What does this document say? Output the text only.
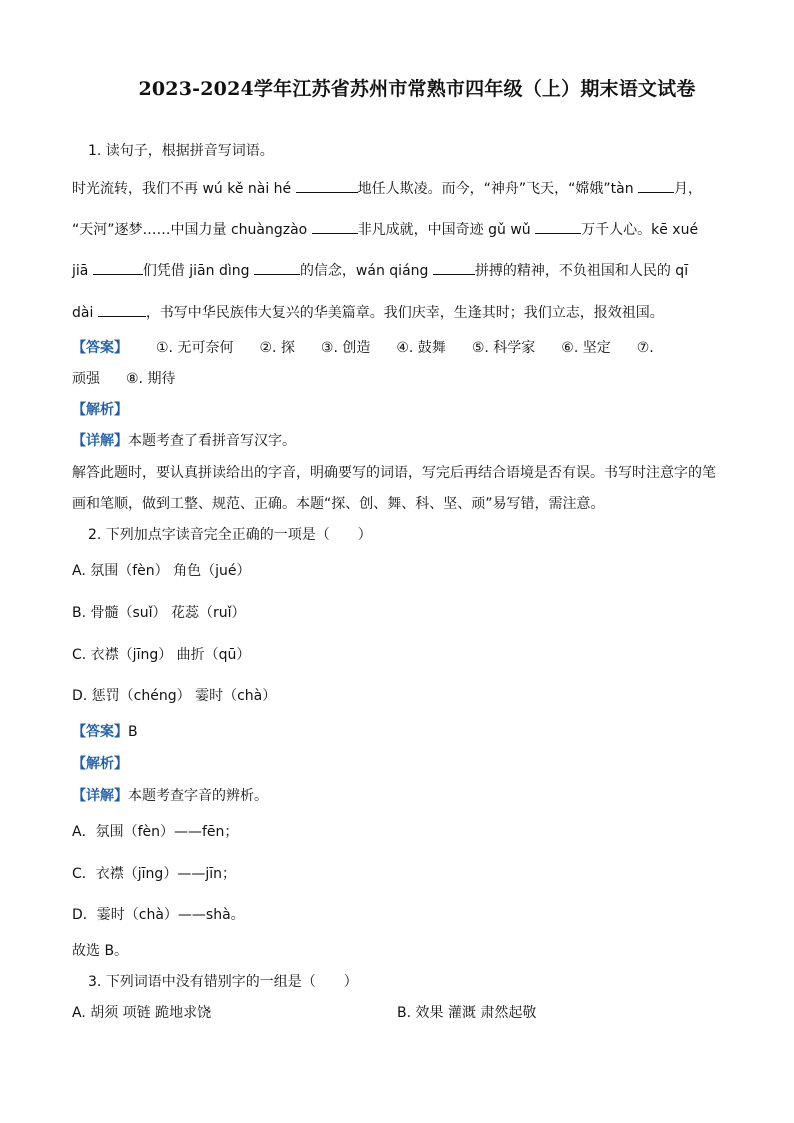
2023-2024学年江苏省苏州市常熟市四年级（上）期末语文试卷
1. 读句子，根据拼音写词语。
时光流转，我们不再 wú kě nài hé	地任人欺凌。而今，“神舟”飞天，“嫦娥”tàn	月，
“天河”逐梦……中国力量 chuàngzào	非凡成就，中国奇迹 gǔ wǔ	万千人心。kē xué
jiā	们凭借 jiān dìng	的信念，wán qiáng	拼搏的精神，不负祖国和人民的 qī
dài	，书写中华民族伟大复兴的华美篇章。我们庆幸，生逢其时；我们立志，报效祖国。
【答案】 ①. 无可奈何 ②. 探 ③. 创造 ④. 鼓舞 ⑤. 科学家 ⑥. 坚定 ⑦.
顽强 ⑧. 期待
【解析】
【详解】本题考查了看拼音写汉字。
解答此题时，要认真拼读给出的字音，明确要写的词语，写完后再结合语境是否有误。书写时注意字的笔
画和笔顺，做到工整、规范、正确。本题“探、创、舞、科、坚、顽”易写错，需注意。
2. 下列加点字读音完全正确的一项是（　　）
A. 氛围（fèn） 角色（jué）
B. 骨髓（suǐ） 花蕊（ruǐ）
C. 衣襟（jīng） 曲折（qū）
D. 惩罚（chéng） 霎时（chà）
【答案】B
【解析】
【详解】本题考查字音的辨析。
A．氛围（fèn）——fēn；
C．衣襟（jīng）——jīn；
D．霎时（chà）——shà。
故选 B。
3. 下列词语中没有错别字的一组是（　　）
A. 胡须 项链 跪地求饶	B. 效果 灌溉 肃然起敬
